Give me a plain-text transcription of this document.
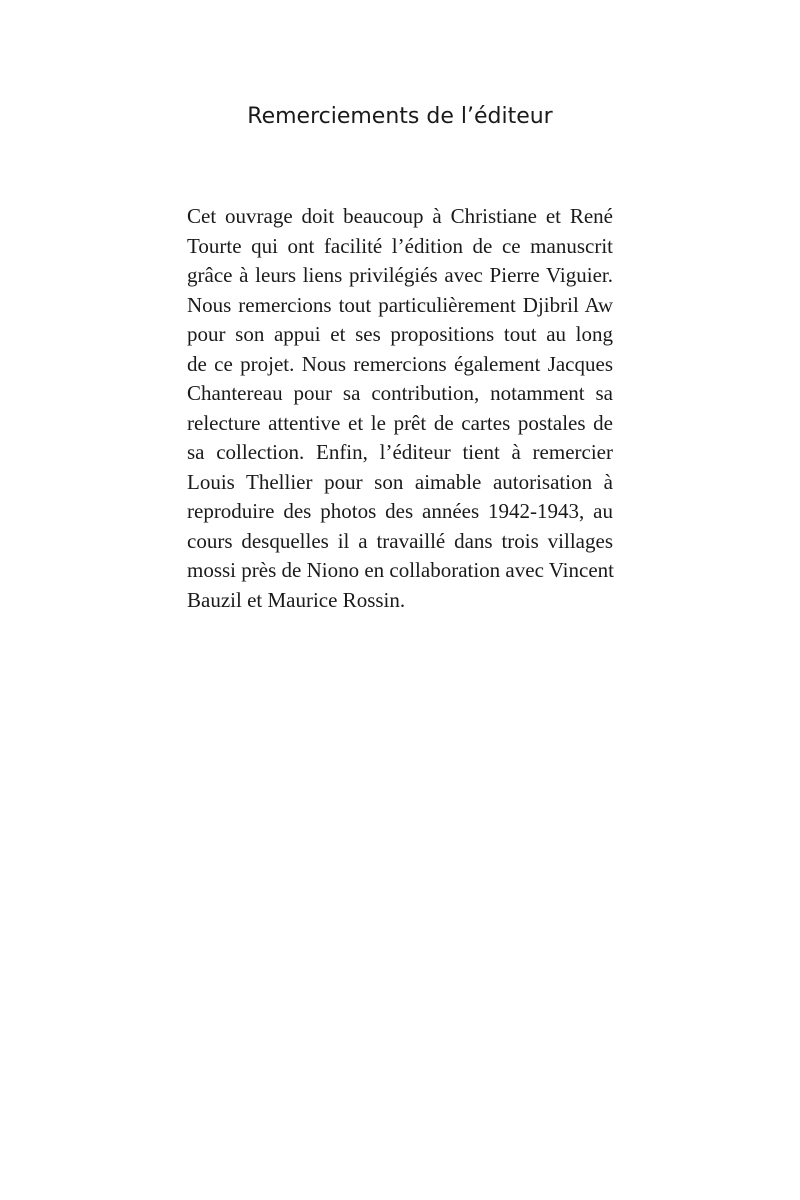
Remerciements de l’éditeur

Cet ouvrage doit beaucoup à Christiane et René
Tourte qui ont facilité l’édition de ce manuscrit
grâce à leurs liens privilégiés avec Pierre Viguier.
Nous remercions tout particulièrement Djibril Aw
pour son appui et ses propositions tout au long
de ce projet. Nous remercions également Jacques
Chantereau pour sa contribution, notamment sa
relecture attentive et le prêt de cartes postales de
sa collection. Enfin, l’éditeur tient à remercier
Louis Thellier pour son aimable autorisation à
reproduire des photos des années 1942-1943, au
cours desquelles il a travaillé dans trois villages
mossi près de Niono en collaboration avec Vincent
Bauzil et Maurice Rossin.
